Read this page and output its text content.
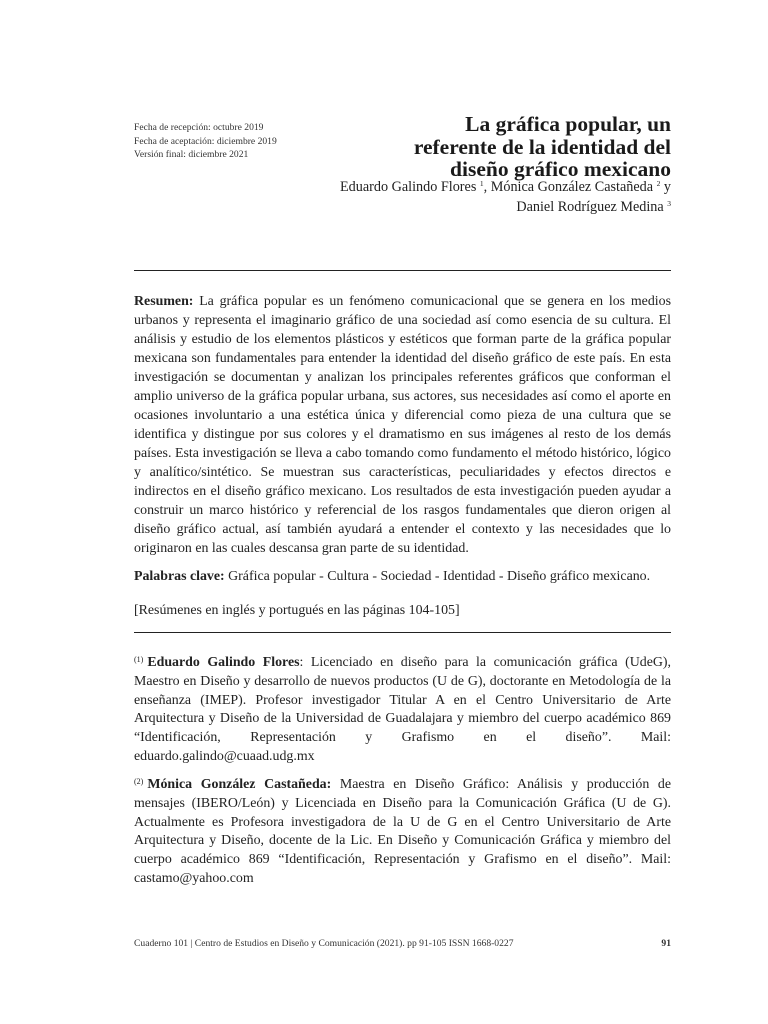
Fecha de recepción: octubre 2019
Fecha de aceptación: diciembre 2019
Versión final: diciembre 2021
La gráfica popular, un
referente de la identidad del
diseño gráfico mexicano

Eduardo Galindo Flores $^1$, Mónica González Castañeda $^2$ y Daniel Rodríguez Medina $^3$

Resumen: La gráfica popular es un fenómeno comunicacional que se genera en los medios urbanos y representa el imaginario gráfico de una sociedad así como esencia de su cultura. El análisis y estudio de los elementos plásticos y estéticos que forman parte de la gráfica popular mexicana son fundamentales para entender la identidad del diseño gráfico de este país. En esta investigación se documentan y analizan los principales referentes gráficos que conforman el amplio universo de la gráfica popular urbana, sus actores, sus necesidades así como el aporte en ocasiones involuntario a una estética única y diferencial como pieza de una cultura que se identifica y distingue por sus colores y el dramatismo en sus imágenes al resto de los demás países. Esta investigación se lleva a cabo tomando como fundamento el método histórico, lógico y analítico/sintético. Se muestran sus características, peculiaridades y efectos directos e indirectos en el diseño gráfico mexicano. Los resultados de esta investigación pueden ayudar a construir un marco histórico y referencial de los rasgos fundamentales que dieron origen al diseño gráfico actual, así también ayudará a entender el contexto y las necesidades que lo originaron en las cuales descansa gran parte de su identidad.

Palabras clave: Gráfica popular - Cultura - Sociedad - Identidad - Diseño gráfico mexicano.

[Resúmenes en inglés y portugués en las páginas 104-105]

$^{(1)}$ Eduardo Galindo Flores: Licenciado en diseño para la comunicación gráfica (UdeG), Maestro en Diseño y desarrollo de nuevos productos (U de G), doctorante en Metodología de la enseñanza (IMEP). Profesor investigador Titular A en el Centro Universitario de Arte Arquitectura y Diseño de la Universidad de Guadalajara y miembro del cuerpo académico 869 “Identificación, Representación y Grafismo en el diseño”. Mail: eduardo.galindo@cuaad.udg.mx

$^{(2)}$ Mónica González Castañeda: Maestra en Diseño Gráfico: Análisis y producción de mensajes (IBERO/León) y Licenciada en Diseño para la Comunicación Gráfica (U de G). Actualmente es Profesora investigadora de la U de G en el Centro Universitario de Arte Arquitectura y Diseño, docente de la Lic. En Diseño y Comunicación Gráfica y miembro del cuerpo académico 869 “Identificación, Representación y Grafismo en el diseño”. Mail: castamo@yahoo.com

Cuaderno 101 | Centro de Estudios en Diseño y Comunicación (2021). pp 91-105 ISSN 1668-0227	91
